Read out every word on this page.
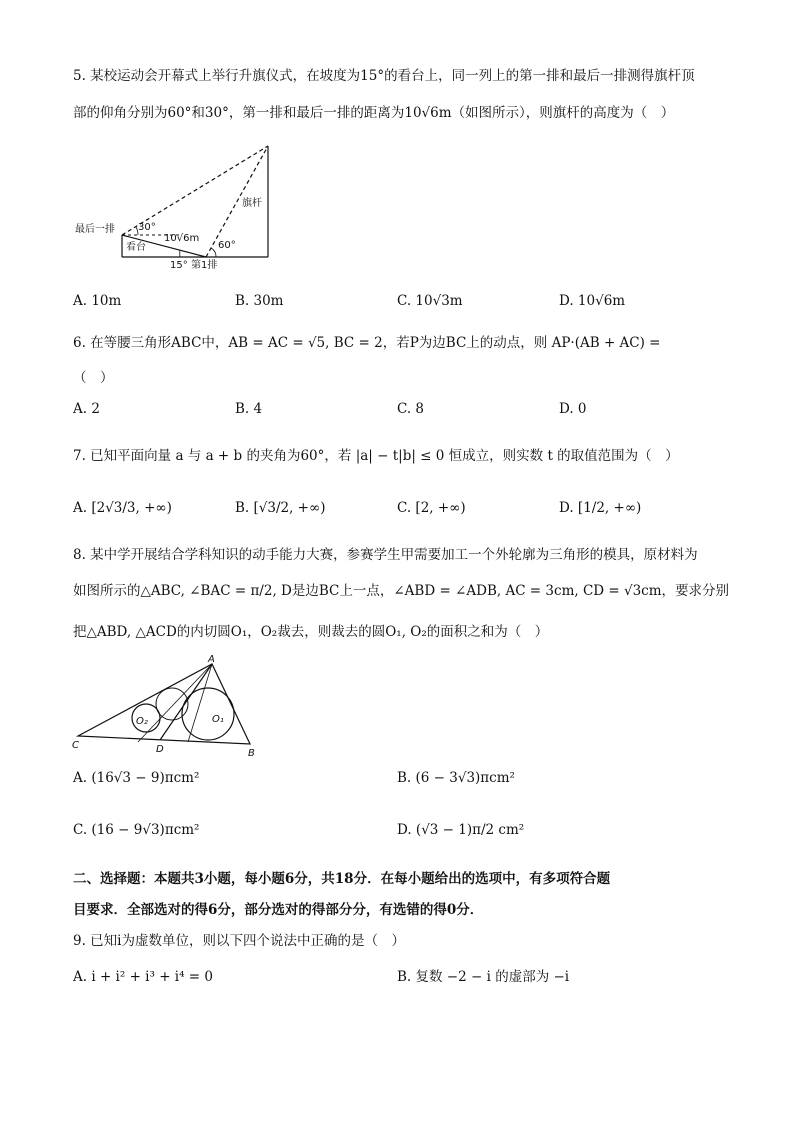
5. 某校运动会开幕式上举行升旗仪式，在坡度为15°的看台上，同一列上的第一排和最后一排测得旗杆顶
部的仰角分别为60°和30°，第一排和最后一排的距离为10√6m（如图所示），则旗杆的高度为（　）
最后一排 30°
10√6m
看台	60°
旗杆
15° 第1排
A. 10m	B. 30m	C. 10√3m	D. 10√6m
6. 在等腰三角形ABC中，AB = AC = √5, BC = 2，若P为边BC上的动点，则 AP·(AB + AC) =
（　）
A. 2	B. 4	C. 8	D. 0
7. 已知平面向量 a 与 a + b 的夹角为60°，若 |a| − t|b| ≤ 0 恒成立，则实数 t 的取值范围为（　）
A. [2√3/3, +∞)	B. [√3/2, +∞)	C. [2, +∞)	D. [1/2, +∞)
8. 某中学开展结合学科知识的动手能力大赛，参赛学生甲需要加工一个外轮廓为三角形的模具，原材料为
如图所示的△ABC, ∠BAC = π/2, D是边BC上一点，∠ABD = ∠ADB, AC = 3cm, CD = √3cm，要求分别
把△ABD, △ACD的内切圆O₁，O₂裁去，则裁去的圆O₁, O₂的面积之和为（　）
A
B
C	D
O₁
O₂
A. (16√3 − 9)πcm²	B. (6 − 3√3)πcm²
C. (16 − 9√3)πcm²	D. (√3 − 1)π/2 cm²
二、选择题：本题共3小题，每小题6分，共18分．在每小题给出的选项中，有多项符合题
目要求．全部选对的得6分，部分选对的得部分分，有选错的得0分．
9. 已知i为虚数单位，则以下四个说法中正确的是（　）
A. i + i² + i³ + i⁴ = 0	B. 复数 −2 − i 的虚部为 −i
